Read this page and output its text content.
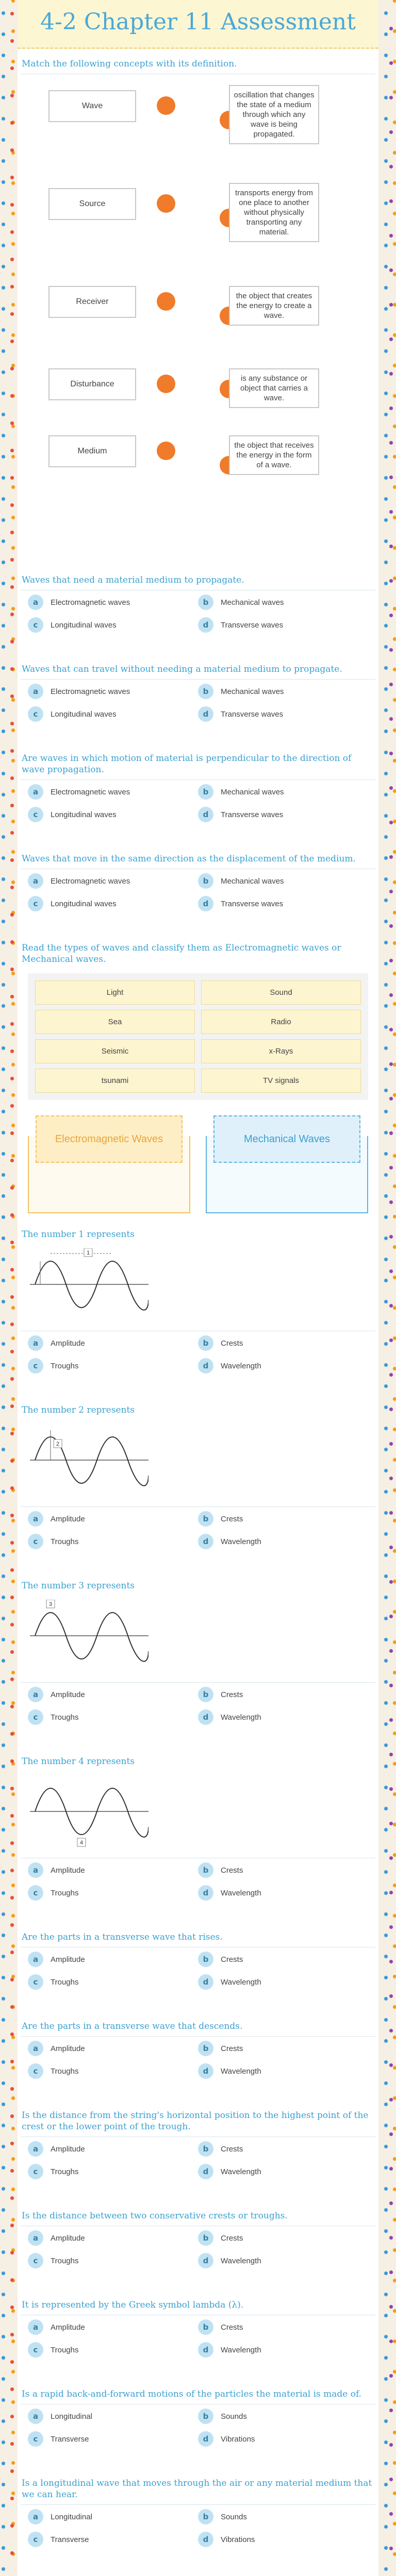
4-2 Chapter 11 Assessment
Match the following concepts with its definition.
Wave
oscillation that changes the state of a medium through which any wave is being propagated.
Source
transports energy from one place to another without physically transporting any material.
Receiver
the object that creates the energy to create a wave.
Disturbance
is any substance or object that carries a wave.
Medium
the object that receives the energy in the form of a wave.
Waves that need a material medium to propagate.
a	Electromagnetic waves	b	Mechanical waves
c	Longitudinal waves	d	Transverse waves
Waves that can travel without needing a material medium to propagate.
a	Electromagnetic waves	b	Mechanical waves
c	Longitudinal waves	d	Transverse waves
Are waves in which motion of material is perpendicular to the direction of wave propagation.
a	Electromagnetic waves	b	Mechanical waves
c	Longitudinal waves	d	Transverse waves
Waves that move in the same direction as the displacement of the medium.
a	Electromagnetic waves	b	Mechanical waves
c	Longitudinal waves	d	Transverse waves
Read the types of waves and classify them as Electromagnetic waves or Mechanical waves.
Light	Sound
Sea	Radio
Seismic	x-Rays
tsunami	TV signals
Electromagnetic Waves	Mechanical Waves
The number 1 represents
1
a	Amplitude	b	Crests
c	Troughs	d	Wavelength
The number 2 represents
2
a	Amplitude	b	Crests
c	Troughs	d	Wavelength
The number 3 represents
3
a	Amplitude	b	Crests
c	Troughs	d	Wavelength
The number 4 represents
4
a	Amplitude	b	Crests
c	Troughs	d	Wavelength
Are the parts in a transverse wave that rises.
a	Amplitude	b	Crests
c	Troughs	d	Wavelength
Are the parts in a transverse wave that descends.
a	Amplitude	b	Crests
c	Troughs	d	Wavelength
Is the distance from the string's horizontal position to the highest point of the crest or the lower point of the trough.
a	Amplitude	b	Crests
c	Troughs	d	Wavelength
Is the distance between two conservative crests or troughs.
a	Amplitude	b	Crests
c	Troughs	d	Wavelength
It is represented by the Greek symbol lambda (λ).
a	Amplitude	b	Crests
c	Troughs	d	Wavelength
Is a rapid back-and-forward motions of the particles the material is made of.
a	Longitudinal	b	Sounds
c	Transverse	d	Vibrations
Is a longitudinal wave that moves through the air or any material medium that we can hear.
a	Longitudinal	b	Sounds
c	Transverse	d	Vibrations
